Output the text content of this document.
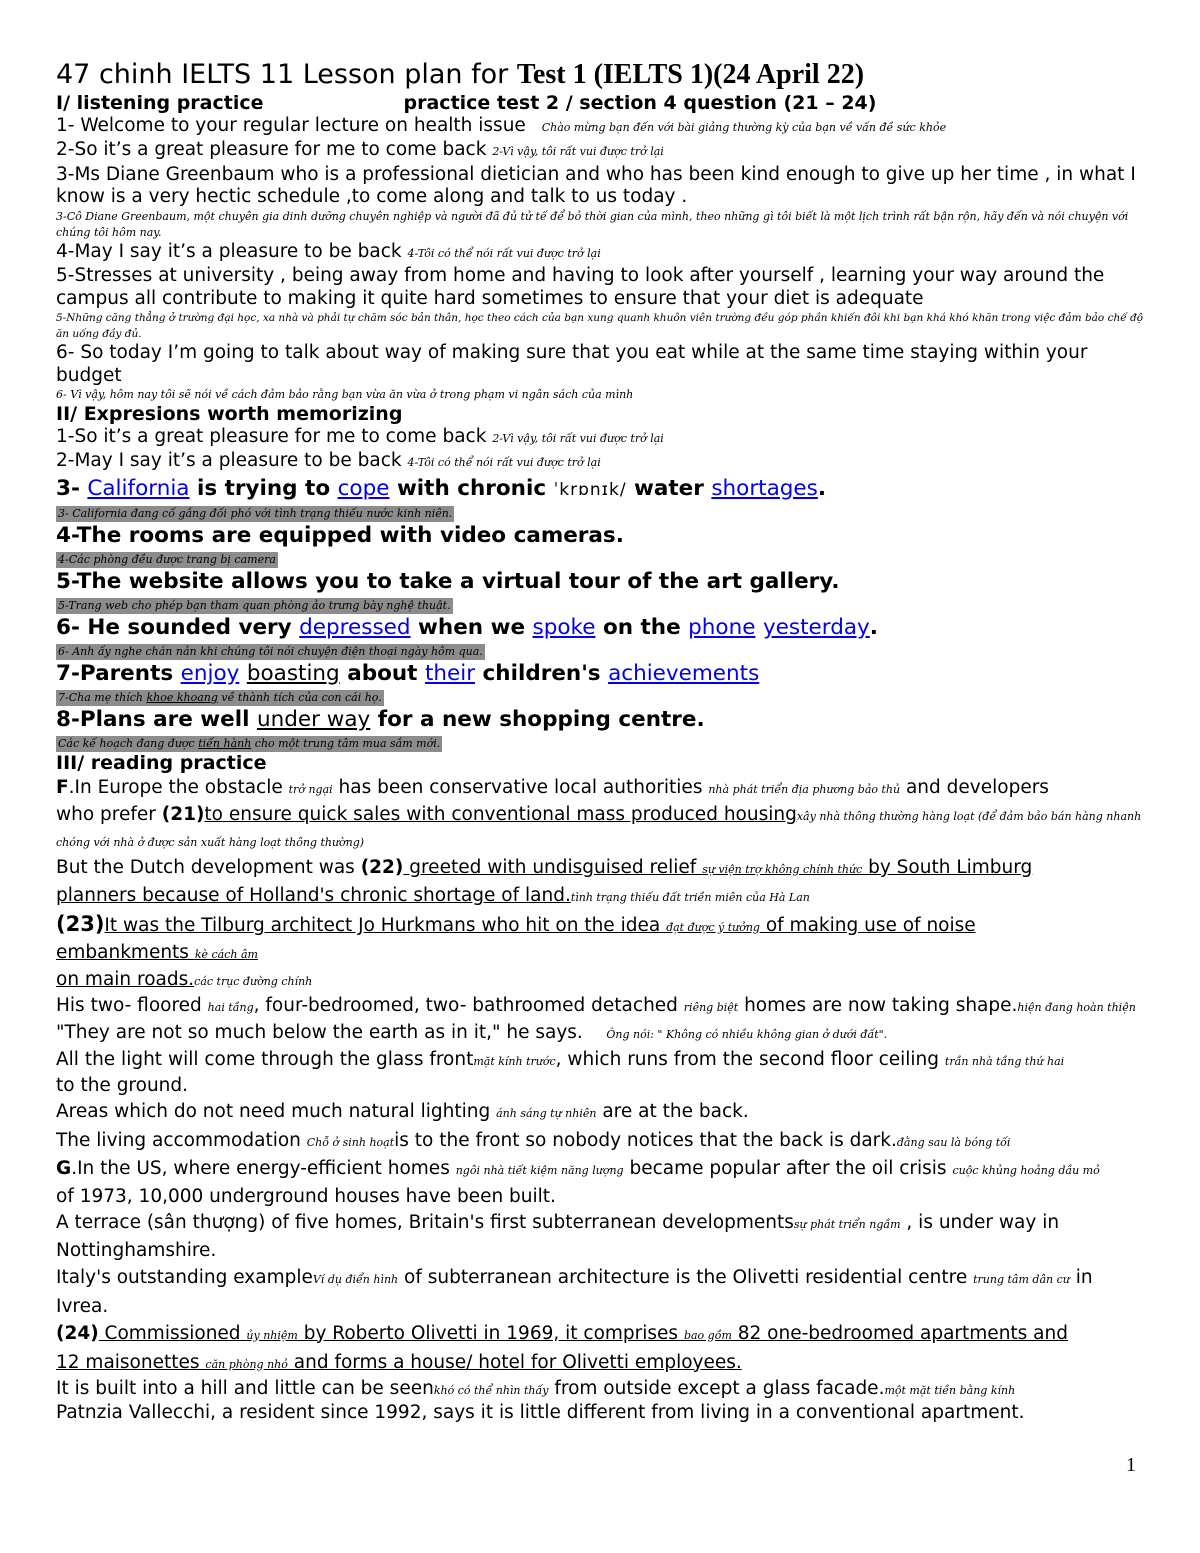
47 chinh IELTS 11 Lesson plan for Test 1 (IELTS 1)(24 April 22)
I/ listening practice	practice test 2 / section 4 question (21 – 24)
1- Welcome to your regular lecture on health issue Chào mừng bạn đến với bài giảng thường kỳ của bạn về vấn đề sức khỏe
2-So it’s a great pleasure for me to come back 2-Vì vậy, tôi rất vui được trở lại
3-Ms Diane Greenbaum who is a professional dietician and who has been kind enough to give up her time , in what I know is a very hectic schedule ,to come along and talk to us today .
3-Cô Diane Greenbaum, một chuyên gia dinh dưỡng chuyên nghiệp và người đã đủ tử tế để bỏ thời gian của mình, theo những gì tôi biết là một lịch trình rất bận rộn, hãy đến và nói chuyện với chúng tôi hôm nay.
4-May I say it’s a pleasure to be back 4-Tôi có thể nói rất vui được trở lại
5-Stresses at university , being away from home and having to look after yourself , learning your way around the campus all contribute to making it quite hard sometimes to ensure that your diet is adequate
5-Những căng thẳng ở trường đại học, xa nhà và phải tự chăm sóc bản thân, học theo cách của bạn xung quanh khuôn viên trường đều góp phần khiến đôi khi bạn khá khó khăn trong việc đảm bảo chế độ ăn uống đầy đủ.
6- So today I’m going to talk about way of making sure that you eat while at the same time staying within your budget
6- Vì vậy, hôm nay tôi sẽ nói về cách đảm bảo rằng bạn vừa ăn vừa ở trong phạm vi ngân sách của mình
II/ Expresions worth memorizing
1-So it’s a great pleasure for me to come back 2-Vì vậy, tôi rất vui được trở lại
2-May I say it’s a pleasure to be back 4-Tôi có thể nói rất vui được trở lại
3- California is trying to cope with chronic ˈkrɒnɪk/ water shortages.
3- California đang cố gắng đối phó với tình trạng thiếu nước kinh niên.
4-The rooms are equipped with video cameras.
4-Các phòng đều được trang bị camera
5-The website allows you to take a virtual tour of the art gallery.
5-Trang web cho phép bạn tham quan phòng ảo trưng bày nghệ thuật.
6- He sounded very depressed when we spoke on the phone yesterday.
6- Anh ấy nghe chán nản khi chúng tôi nói chuyện điện thoại ngày hôm qua.
7-Parents enjoy boasting about their children's achievements
7-Cha mẹ thích khoe khoang về thành tích của con cái họ.
8-Plans are well under way for a new shopping centre.
Các kế hoạch đang được tiến hành cho một trung tâm mua sắm mới.
III/ reading practice
F.In Europe the obstacle trở ngại has been conservative local authorities nhà phát triển địa phương bảo thủ and developers
who prefer (21)to ensure quick sales with conventional mass produced housingxây nhà thông thường hàng loạt (để đảm bảo bán hàng nhanh chóng với nhà ở được sản xuất hàng loạt thông thường)
But the Dutch development was (22) greeted with undisguised relief sự viện trợ không chính thức by South Limburg
planners because of Holland's chronic shortage of land.tình trạng thiếu đất triền miên của Hà Lan
(23)It was the Tilburg architect Jo Hurkmans who hit on the idea đạt được ý tưởng of making use of noise
embankments kè cách âm
on main roads.các trục đường chính
His two- floored hai tầng, four-bedroomed, two- bathroomed detached riêng biệt homes are now taking shape.hiện đang hoàn thiện
"They are not so much below the earth as in it," he says. Ông nói: " Không có nhiều không gian ở dưới đất".
All the light will come through the glass frontmặt kính trước, which runs from the second floor ceiling trần nhà tầng thứ hai
to the ground.
Areas which do not need much natural lighting ánh sáng tự nhiên are at the back.
The living accommodation Chỗ ở sinh hoạtis to the front so nobody notices that the back is dark.đằng sau là bóng tối
G.In the US, where energy-efficient homes ngôi nhà tiết kiệm năng lượng became popular after the oil crisis cuộc khủng hoảng dầu mỏ
of 1973, 10,000 underground houses have been built.
A terrace (sân thượng) of five homes, Britain's first subterranean developmentssự phát triển ngầm , is under way in Nottinghamshire.
Italy's outstanding exampleVí dụ điển hình of subterranean architecture is the Olivetti residential centre trung tâm dân cư in Ivrea.
(24) Commissioned ủy nhiệm by Roberto Olivetti in 1969, it comprises bao gồm 82 one-bedroomed apartments and
12 maisonettes căn phòng nhỏ and forms a house/ hotel for Olivetti employees.
It is built into a hill and little can be seenkhó có thể nhìn thấy from outside except a glass facade.một mặt tiền bằng kính
Patnzia Vallecchi, a resident since 1992, says it is little different from living in a conventional apartment.
1
